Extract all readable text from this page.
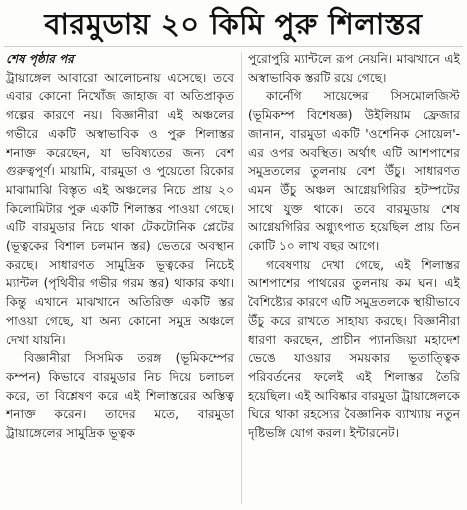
বারমুডায় ২০ কিমি পুরু শিলাস্তর

শেষ পৃষ্ঠার পর

ট্রায়াঙ্গেল আবারো আলোচনায় এসেছে। তবে এবার কোনো নিখোঁজ জাহাজ বা অতিপ্রাকৃত গল্পের কারণে নয়। বিজ্ঞানীরা এই অঞ্চলের গভীরে একটি অস্বাভাবিক ও পুরু শিলাস্তর শনাক্ত করেছেন, যা ভবিষ্যতের জন্য বেশ গুরুত্বপূর্ণ। মায়ামি, বারমুডা ও পুয়েতো রিকোর মাঝামাঝি বিস্তৃত এই অঞ্চলের নিচে প্রায় ২০ কিলোমিটার পুরু একটি শিলাস্তর পাওয়া গেছে। এটি বারমুডার নিচে থাকা টেকটোনিক প্লেটের (ভূত্বকের বিশাল চলমান স্তর) ভেতরে অবস্থান করছে। সাধারণত সামুদ্রিক ভূত্বকের নিচেই ম্যান্টল (পৃথিবীর গভীর গরম স্তর) থাকার কথা। কিন্তু এখানে মাঝখানে অতিরিক্ত একটি স্তর পাওয়া গেছে, যা অন্য কোনো সমুদ্র অঞ্চলে দেখা যায়নি।

বিজ্ঞানীরা সিসমিক তরঙ্গ (ভূমিকম্পের কম্পন) কিভাবে বারমুডার নিচ দিয়ে চলাচল করে, তা বিশ্লেষণ করে এই শিলাস্তরের অস্তিত্ব শনাক্ত করেন। তাদের মতে, বারমুডা ট্রায়াঙ্গেলের সামুদ্রিক ভূত্বক

পুরোপুরি ম্যান্টলে রূপ নেয়নি। মাঝখানে এই অস্বাভাবিক স্তরটি রয়ে গেছে।

কার্নেগি সায়েন্সের সিসমোলজিস্ট (ভূমিকম্প বিশেষজ্ঞ) উইলিয়াম ফ্রেজার জানান, বারমুডা একটি 'ওশেনিক সোয়েল'-এর ওপর অবস্থিত। অর্থাৎ এটি আশপাশের সমুদ্রতলের তুলনায় বেশ উঁচু। সাধারণত এমন উঁচু অঞ্চল আগ্নেয়গিরির হটস্পটের সাথে যুক্ত থাকে। তবে বারমুডায় শেষ আগ্নেয়গিরির অগ্ন্যুৎপাত হয়েছিল প্রায় তিন কোটি ১০ লাখ বছর আগে।

গবেষণায় দেখা গেছে, এই শিলাস্তর আশপাশের পাথরের তুলনায় কম ঘন। এই বৈশিষ্ট্যের কারণে এটি সমুদ্রতলকে স্থায়ীভাবে উঁচু করে রাখতে সাহায্য করছে। বিজ্ঞানীরা ধারণা করছেন, প্রাচীন প্যানজিয়া মহাদেশ ভেঙে যাওয়ার সময়কার ভূতাত্ত্বিক পরিবর্তনের ফলেই এই শিলাস্তর তৈরি হয়েছিল। এই আবিষ্কার বারমুডা ট্রায়াঙ্গেলকে ঘিরে থাকা রহস্যের বৈজ্ঞানিক ব্যাখ্যায় নতুন দৃষ্টিভঙ্গি যোগ করল। ইন্টারনেট।
